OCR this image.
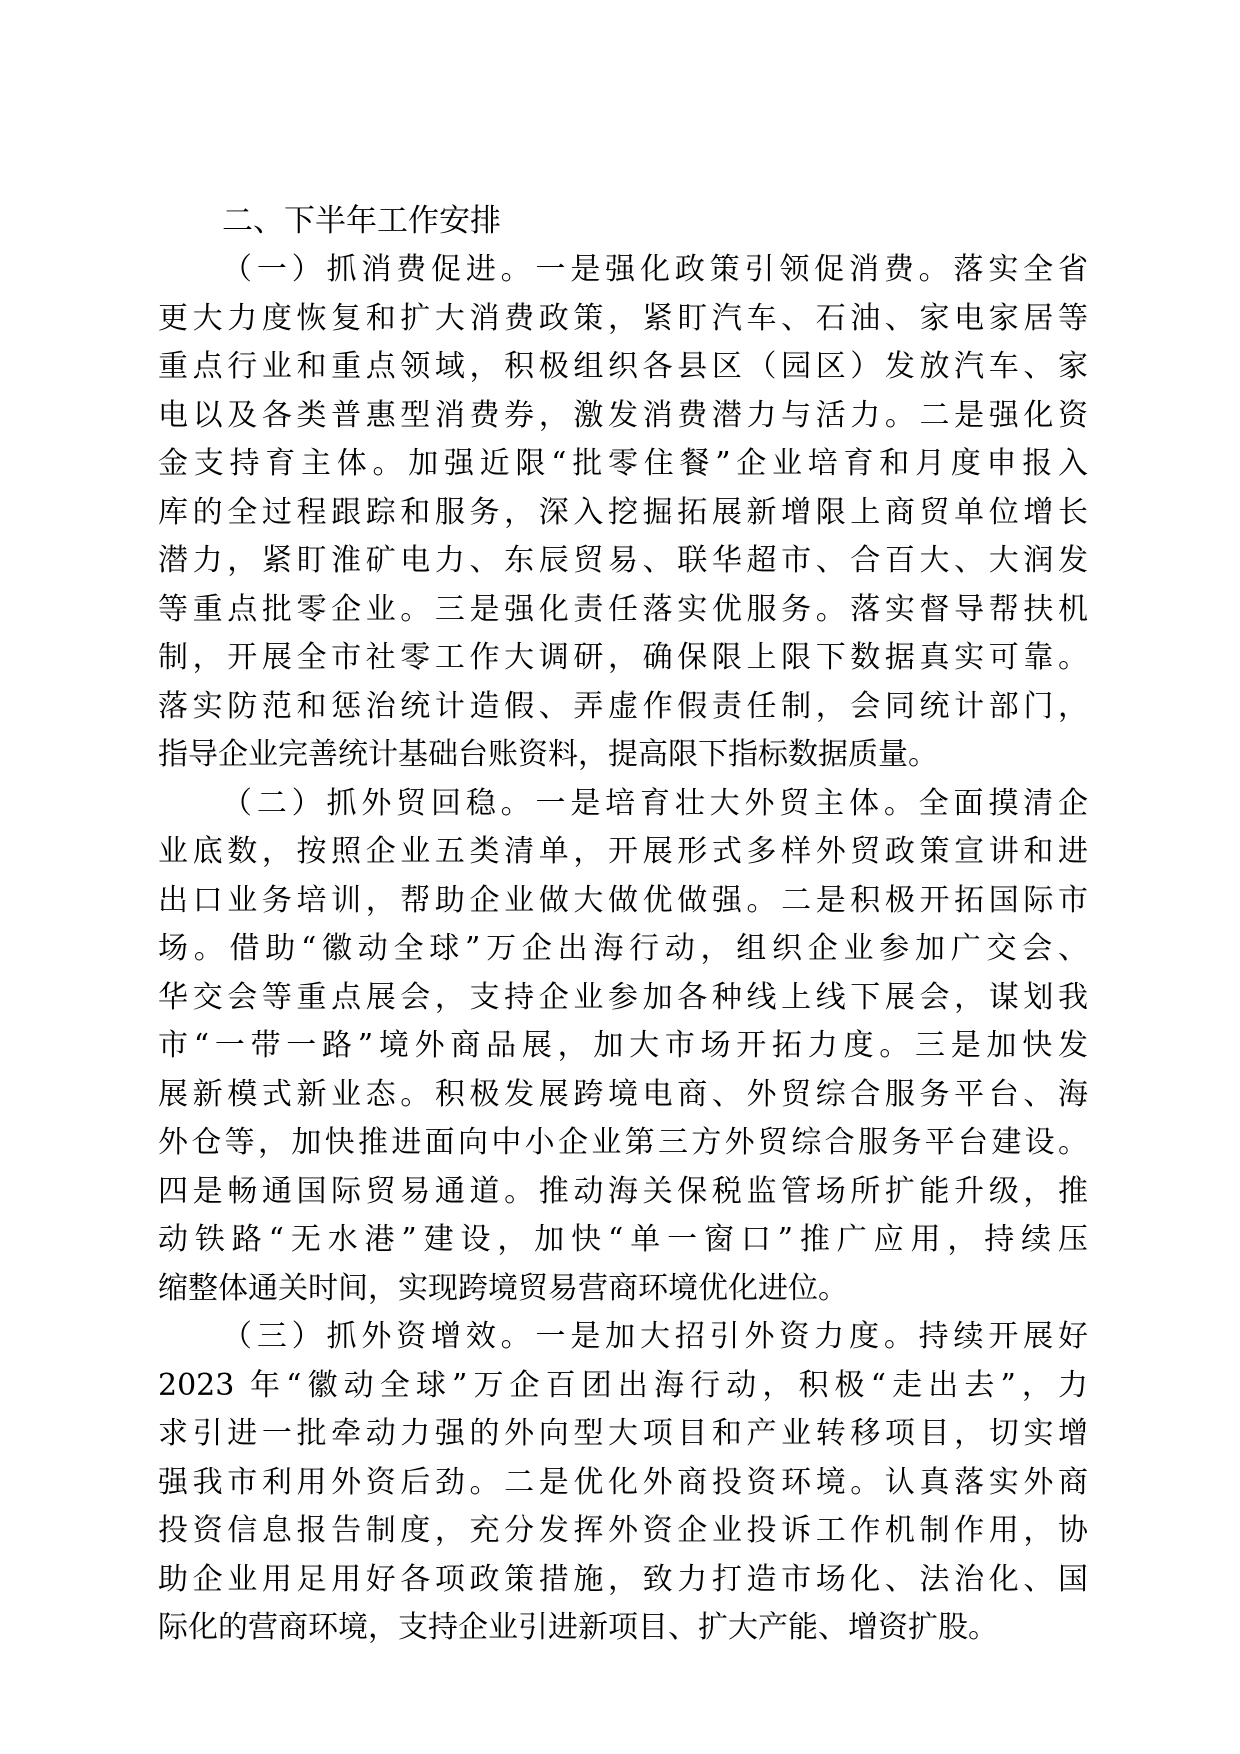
二、下半年工作安排
（一）抓消费促进。一是强化政策引领促消费。落实全省
更大力度恢复和扩大消费政策，紧盯汽车、石油、家电家居等
重点行业和重点领域，积极组织各县区（园区）发放汽车、家
电以及各类普惠型消费券，激发消费潜力与活力。二是强化资
金支持育主体。加强近限“批零住餐”企业培育和月度申报入
库的全过程跟踪和服务，深入挖掘拓展新增限上商贸单位增长
潜力，紧盯淮矿电力、东辰贸易、联华超市、合百大、大润发
等重点批零企业。三是强化责任落实优服务。落实督导帮扶机
制，开展全市社零工作大调研，确保限上限下数据真实可靠。
落实防范和惩治统计造假、弄虚作假责任制，会同统计部门，
指导企业完善统计基础台账资料，提高限下指标数据质量。
（二）抓外贸回稳。一是培育壮大外贸主体。全面摸清企
业底数，按照企业五类清单，开展形式多样外贸政策宣讲和进
出口业务培训，帮助企业做大做优做强。二是积极开拓国际市
场。借助“徽动全球”万企出海行动，组织企业参加广交会、
华交会等重点展会，支持企业参加各种线上线下展会，谋划我
市“一带一路”境外商品展，加大市场开拓力度。三是加快发
展新模式新业态。积极发展跨境电商、外贸综合服务平台、海
外仓等，加快推进面向中小企业第三方外贸综合服务平台建设。
四是畅通国际贸易通道。推动海关保税监管场所扩能升级，推
动铁路“无水港”建设，加快“单一窗口”推广应用，持续压
缩整体通关时间，实现跨境贸易营商环境优化进位。
（三）抓外资增效。一是加大招引外资力度。持续开展好
2023 年“徽动全球”万企百团出海行动，积极“走出去”，力
求引进一批牵动力强的外向型大项目和产业转移项目，切实增
强我市利用外资后劲。二是优化外商投资环境。认真落实外商
投资信息报告制度，充分发挥外资企业投诉工作机制作用，协
助企业用足用好各项政策措施，致力打造市场化、法治化、国
际化的营商环境，支持企业引进新项目、扩大产能、增资扩股。
